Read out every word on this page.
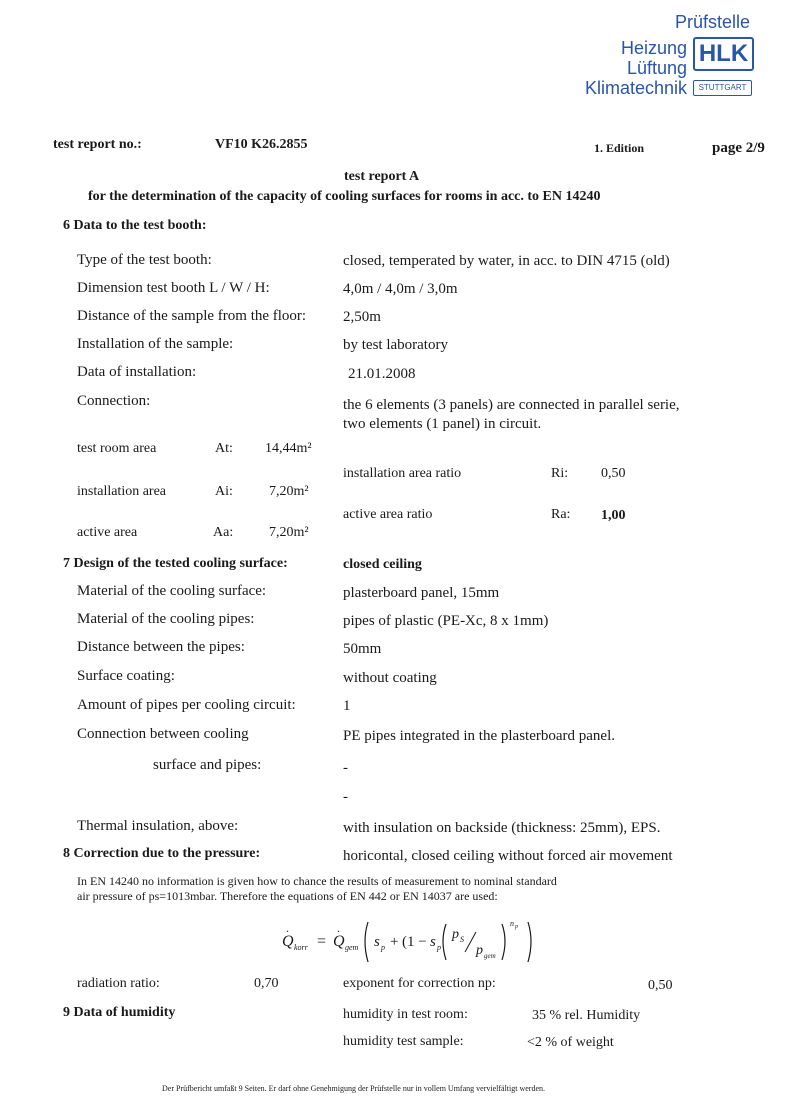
Prüfstelle
Heizung
Lüftung
Klimatechnik
HLK
STUTTGART
test report no.:	VF10 K26.2855	1. Edition	page 2/9
test report A
for the determination of the capacity of cooling surfaces for rooms in acc. to EN 14240
6 Data to the test booth:
Type of the test booth:	closed, temperated by water, in acc. to DIN 4715 (old)
Dimension test booth L / W / H:	4,0m / 4,0m / 3,0m
Distance of the sample from the floor: 2,50m
Installation of the sample:	by test laboratory
Data of installation:	21.01.2008
Connection:	the 6 elements (3 panels) are connected in parallel serie,
two elements (1 panel) in circuit.
test room area	At: 14,44m²
installation area	Ai:	7,20m²
active area	Aa:	7,20m²
installation area ratio	Ri: 0,50
active area ratio	Ra: 1,00
7 Design of the tested cooling surface:	closed ceiling
Material of the cooling surface:	plasterboard panel, 15mm
Material of the cooling pipes:	pipes of plastic (PE-Xc, 8 x 1mm)
Distance between the pipes:	50mm
Surface coating:	without coating
Amount of pipes per cooling circuit:	1
Connection between cooling	PE pipes integrated in the plasterboard panel.
surface and pipes:	-
-
Thermal insulation, above:	with insulation on backside (thickness: 25mm), EPS.
8 Correction due to the pressure:	horicontal, closed ceiling without forced air movement
In EN 14240 no information is given how to chance the results of measurement to nominal standard
air pressure of ps=1013mbar. Therefore the equations of EN 442 or EN 14037 are used:
Q
.
korr = Q
.
gem s p + (1 − s p
p S
p gem
n p
radiation ratio:	0,70	exponent for correction np:	0,50
9 Data of humidity	humidity in test room:	35 % rel. Humidity
humidity test sample:	<2 % of weight
Der Prüfbericht umfaßt 9 Seiten. Er darf ohne Genehmigung der Prüfstelle nur in vollem Umfang vervielfältigt werden.
